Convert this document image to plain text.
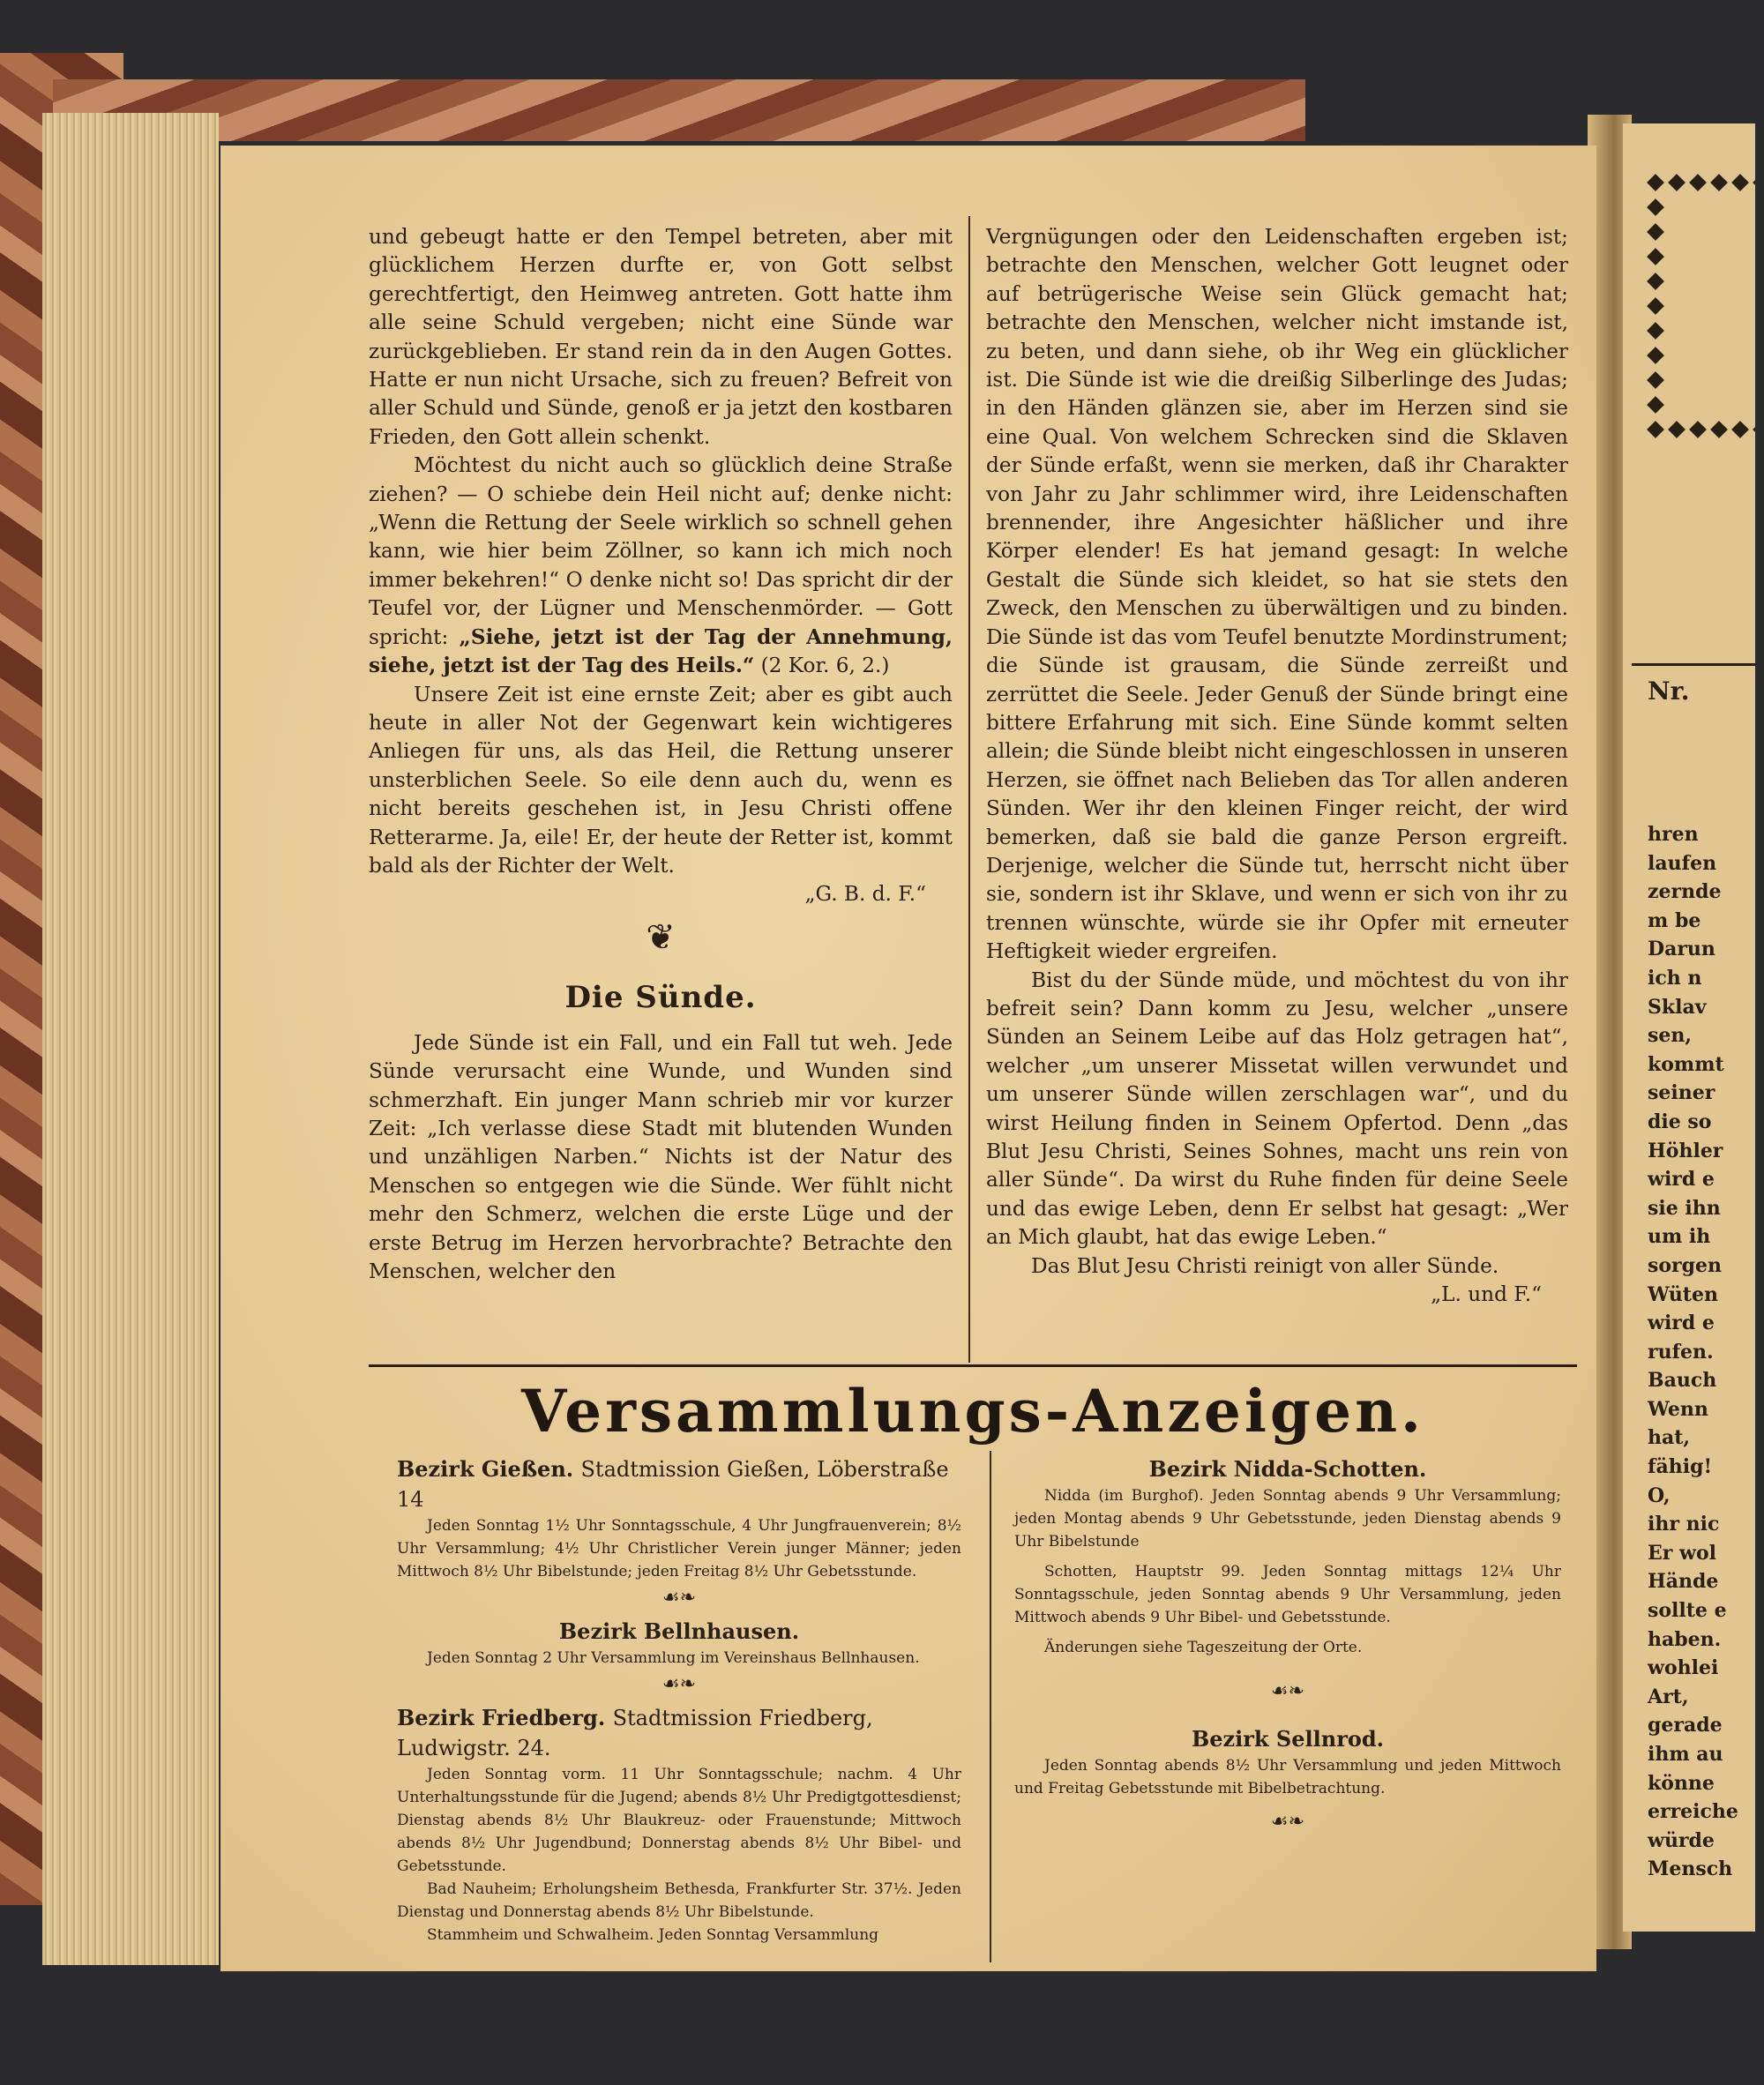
Nr.
hren
laufen
zernde
m be
Darun
ich n
Sklav
sen,
kommt
seiner
die so
Höhler
wird e
sie ihn
um ih
sorgen
Wüten
wird e
rufen.
Bauch
Wenn
hat,
fähig!
O,
ihr nic
Er wol
Hände
sollte e
haben.
wohlei
Art,
gerade
ihm au
könne
erreiche
würde
Mensch

und gebeugt hatte er den Tempel betreten, aber mit glücklichem Herzen durfte er, von Gott selbst gerechtfertigt, den Heimweg antreten. Gott hatte ihm alle seine Schuld vergeben; nicht eine Sünde war zurückgeblieben. Er stand rein da in den Augen Gottes. Hatte er nun nicht Ursache, sich zu freuen? Befreit von aller Schuld und Sünde, genoß er ja jetzt den kostbaren Frieden, den Gott allein schenkt.

Möchtest du nicht auch so glücklich deine Straße ziehen? — O schiebe dein Heil nicht auf; denke nicht: „Wenn die Rettung der Seele wirklich so schnell gehen kann, wie hier beim Zöllner, so kann ich mich noch immer bekehren!“ O denke nicht so! Das spricht dir der Teufel vor, der Lügner und Menschenmörder. — Gott spricht: „Siehe, jetzt ist der Tag der Annehmung, siehe, jetzt ist der Tag des Heils.“ (2 Kor. 6, 2.)

Unsere Zeit ist eine ernste Zeit; aber es gibt auch heute in aller Not der Gegenwart kein wichtigeres Anliegen für uns, als das Heil, die Rettung unserer unsterblichen Seele. So eile denn auch du, wenn es nicht bereits geschehen ist, in Jesu Christi offene Retterarme. Ja, eile! Er, der heute der Retter ist, kommt bald als der Richter der Welt.

„G. B. d. F.“

❦
Die Sünde.

Jede Sünde ist ein Fall, und ein Fall tut weh. Jede Sünde verursacht eine Wunde, und Wunden sind schmerzhaft. Ein junger Mann schrieb mir vor kurzer Zeit: „Ich verlasse diese Stadt mit blutenden Wunden und unzähligen Narben.“ Nichts ist der Natur des Menschen so entgegen wie die Sünde. Wer fühlt nicht mehr den Schmerz, welchen die erste Lüge und der erste Betrug im Herzen hervorbrachte? Betrachte den Menschen, welcher den

Vergnügungen oder den Leidenschaften ergeben ist; betrachte den Menschen, welcher Gott leugnet oder auf betrügerische Weise sein Glück gemacht hat; betrachte den Menschen, welcher nicht imstande ist, zu beten, und dann siehe, ob ihr Weg ein glücklicher ist. Die Sünde ist wie die dreißig Silberlinge des Judas; in den Händen glänzen sie, aber im Herzen sind sie eine Qual. Von welchem Schrecken sind die Sklaven der Sünde erfaßt, wenn sie merken, daß ihr Charakter von Jahr zu Jahr schlimmer wird, ihre Leidenschaften brennender, ihre Angesichter häßlicher und ihre Körper elender! Es hat jemand gesagt: In welche Gestalt die Sünde sich kleidet, so hat sie stets den Zweck, den Menschen zu überwältigen und zu binden. Die Sünde ist das vom Teufel benutzte Mordinstrument; die Sünde ist grausam, die Sünde zerreißt und zerrüttet die Seele. Jeder Genuß der Sünde bringt eine bittere Erfahrung mit sich. Eine Sünde kommt selten allein; die Sünde bleibt nicht eingeschlossen in unseren Herzen, sie öffnet nach Belieben das Tor allen anderen Sünden. Wer ihr den kleinen Finger reicht, der wird bemerken, daß sie bald die ganze Person ergreift. Derjenige, welcher die Sünde tut, herrscht nicht über sie, sondern ist ihr Sklave, und wenn er sich von ihr zu trennen wünschte, würde sie ihr Opfer mit erneuter Heftigkeit wieder ergreifen.

Bist du der Sünde müde, und möchtest du von ihr befreit sein? Dann komm zu Jesu, welcher „unsere Sünden an Seinem Leibe auf das Holz getragen hat“, welcher „um unserer Missetat willen verwundet und um unserer Sünde willen zerschlagen war“, und du wirst Heilung finden in Seinem Opfertod. Denn „das Blut Jesu Christi, Seines Sohnes, macht uns rein von aller Sünde“. Da wirst du Ruhe finden für deine Seele und das ewige Leben, denn Er selbst hat gesagt: „Wer an Mich glaubt, hat das ewige Leben.“

Das Blut Jesu Christi reinigt von aller Sünde.

„L. und F.“

Versammlungs-Anzeigen.
Bezirk Gießen. Stadtmission Gießen, Löberstraße 14

Jeden Sonntag 1½ Uhr Sonntagsschule, 4 Uhr Jungfrauenverein; 8½ Uhr Versammlung; 4½ Uhr Christlicher Verein junger Männer; jeden Mittwoch 8½ Uhr Bibelstunde; jeden Freitag 8½ Uhr Gebetsstunde.

☙❧
Bezirk Bellnhausen.

Jeden Sonntag 2 Uhr Versammlung im Vereinshaus Bellnhausen.

☙❧
Bezirk Friedberg. Stadtmission Friedberg, Ludwigstr. 24.

Jeden Sonntag vorm. 11 Uhr Sonntagsschule; nachm. 4 Uhr Unterhaltungsstunde für die Jugend; abends 8½ Uhr Predigtgottesdienst; Dienstag abends 8½ Uhr Blaukreuz- oder Frauenstunde; Mittwoch abends 8½ Uhr Jugendbund; Donnerstag abends 8½ Uhr Bibel- und Gebetsstunde.

Bad Nauheim; Erholungsheim Bethesda, Frankfurter Str. 37½. Jeden Dienstag und Donnerstag abends 8½ Uhr Bibelstunde.

Stammheim und Schwalheim. Jeden Sonntag Versammlung

Bezirk Nidda-Schotten.

Nidda (im Burghof). Jeden Sonntag abends 9 Uhr Versammlung; jeden Montag abends 9 Uhr Gebetsstunde, jeden Dienstag abends 9 Uhr Bibelstunde

Schotten, Hauptstr 99. Jeden Sonntag mittags 12¼ Uhr Sonntagsschule, jeden Sonntag abends 9 Uhr Versammlung, jeden Mittwoch abends 9 Uhr Bibel- und Gebetsstunde.

Änderungen siehe Tageszeitung der Orte.

☙❧
Bezirk Sellnrod.

Jeden Sonntag abends 8½ Uhr Versammlung und jeden Mittwoch und Freitag Gebetsstunde mit Bibelbetrachtung.

☙❧
